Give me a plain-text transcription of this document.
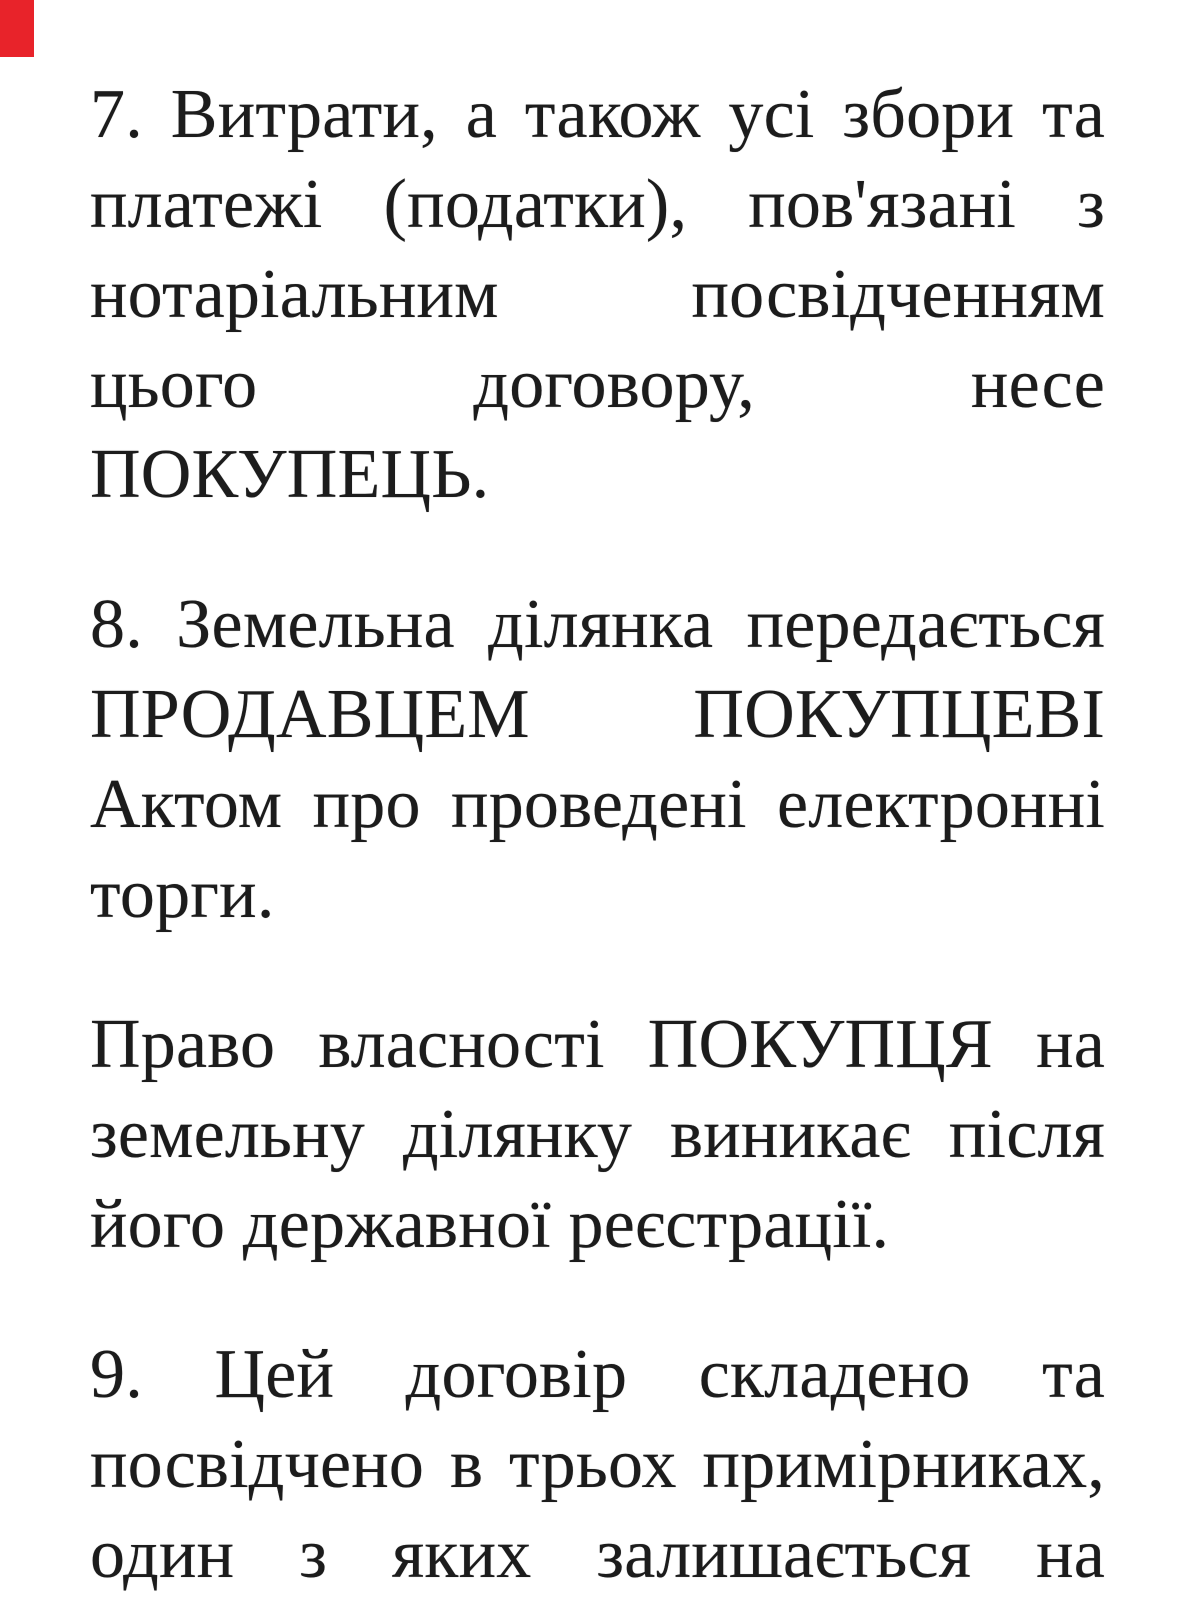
7. Витрати, а також усі збори та
платежі (податки), пов'язані з
нотаріальним посвідченням
цього договору, несе
ПОКУПЕЦЬ.
8. Земельна ділянка передається
ПРОДАВЦЕМ ПОКУПЦЕВІ
Актом про проведені електронні
торги.
Право власності ПОКУПЦЯ на
земельну ділянку виникає після
його державної реєстрації.
9. Цей договір складено та
посвідчено в трьох примірниках,
один з яких залишається на
